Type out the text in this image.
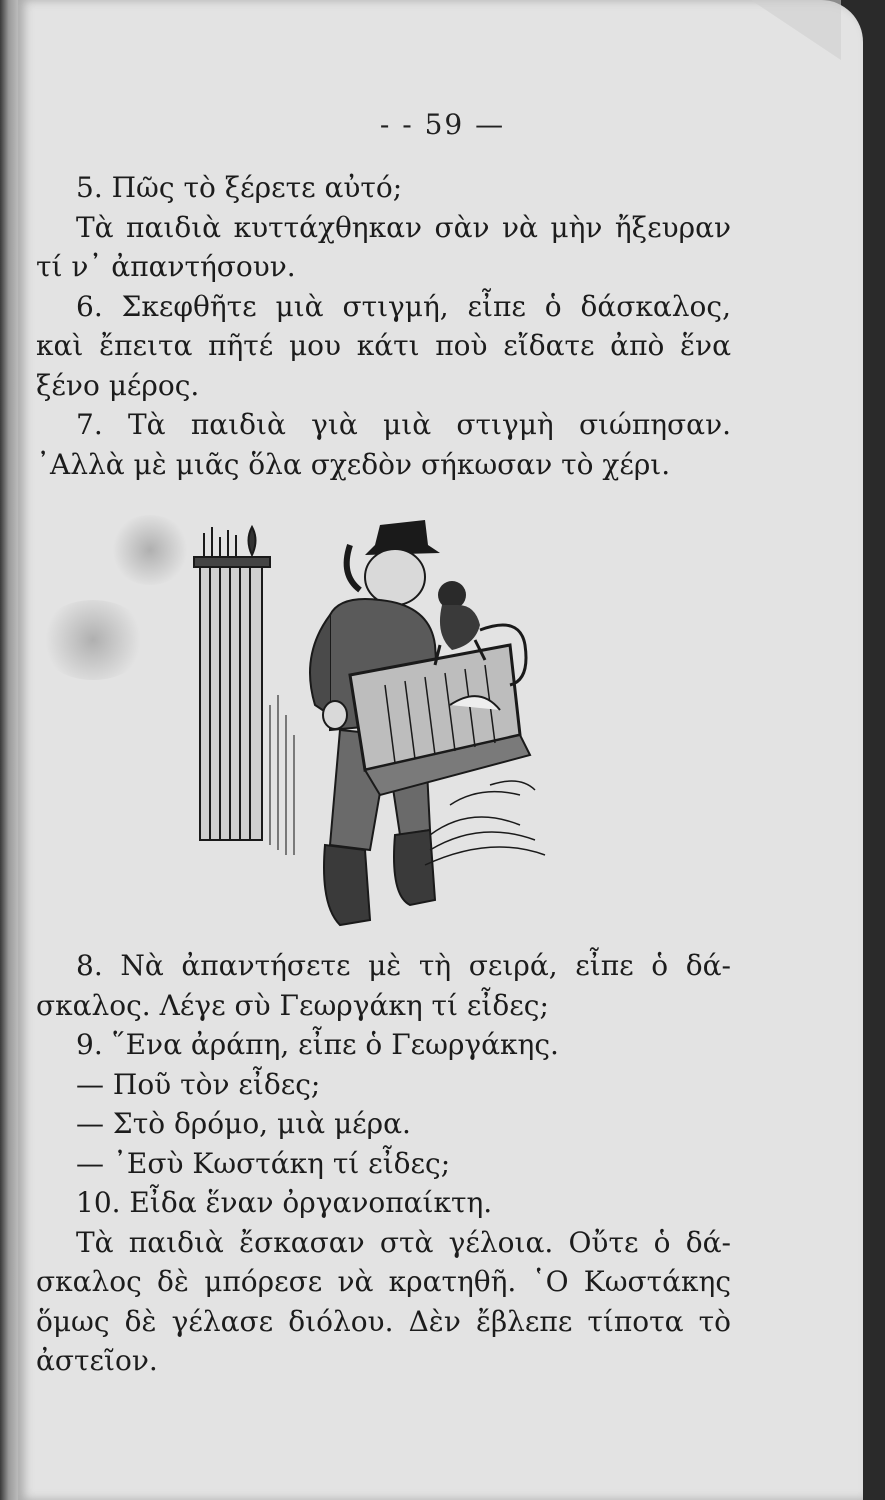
- - 59 —
5. Πῶς τὸ ξέρετε αὐτό;
Τὰ παιδιὰ κυττάχθηκαν σὰν νὰ μὴν ἤξευραν
τί ν᾽ ἀπαντήσουν.
6. Σκεφθῆτε μιὰ στιγμή, εἶπε ὁ δάσκαλος,
καὶ ἔπειτα πῆτέ μου κάτι ποὺ εἴδατε ἀπὸ ἕνα
ξένο μέρος.
7. Τὰ παιδιὰ γιὰ μιὰ στιγμὴ σιώπησαν.
᾿Αλλὰ μὲ μιᾶς ὅλα σχεδὸν σήκωσαν τὸ χέρι.
8. Νὰ ἀπαντήσετε μὲ τὴ σειρά, εἶπε ὁ δά-
σκαλος. Λέγε σὺ Γεωργάκη τί εἶδες;
9. ῞Ενα ἀράπη, εἶπε ὁ Γεωργάκης.
— Ποῦ τὸν εἶδες;
— Στὸ δρόμο, μιὰ μέρα.
— ᾿Εσὺ Κωστάκη τί εἶδες;
10. Εἶδα ἕναν ὀργανοπαίκτη.
Τὰ παιδιὰ ἔσκασαν στὰ γέλοια. Οὔτε ὁ δά-
σκαλος δὲ μπόρεσε νὰ κρατηθῆ. ῾Ο Κωστάκης
ὅμως δὲ γέλασε διόλου. Δὲν ἔβλεπε τίποτα τὸ
ἀστεῖον.
